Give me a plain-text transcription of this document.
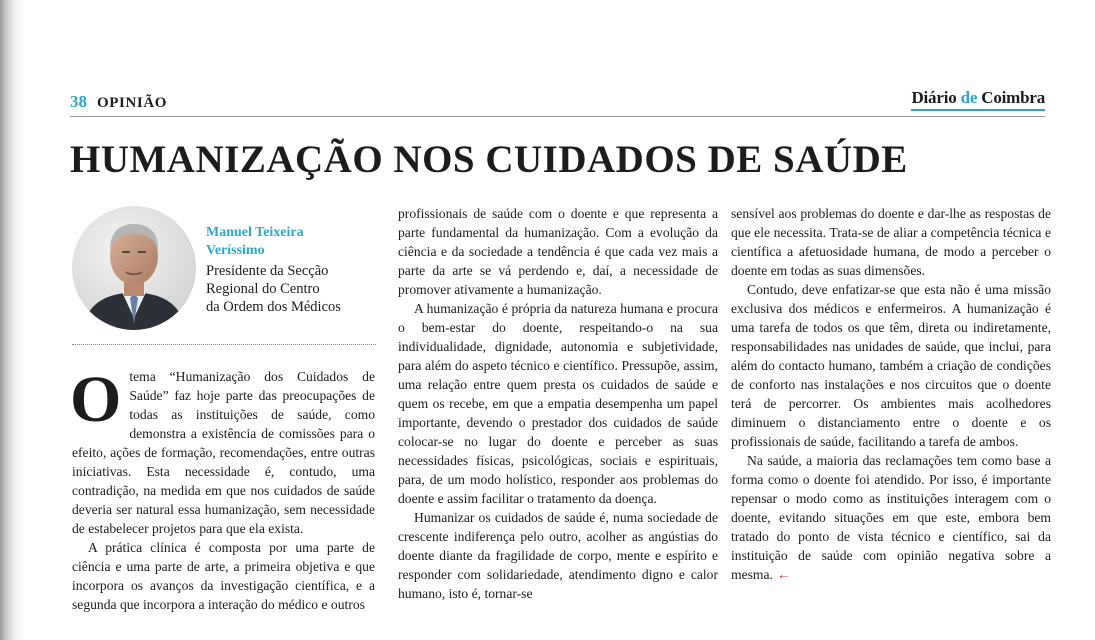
38 OPINIÃO	Diário de Coimbra
HUMANIZAÇÃO NOS CUIDADOS DE SAÚDE
Manuel Teixeira
Veríssimo
Presidente da Secção
Regional do Centro
da Ordem dos Médicos

Otema “Humanização dos Cuidados de Saúde” faz hoje parte das preocupações de todas as instituições de saúde, como demonstra a existência de comissões para o efeito, ações de formação, recomendações, entre outras iniciativas. Esta necessidade é, contudo, uma contradição, na medida em que nos cuidados de saúde deveria ser natural essa humanização, sem necessidade de estabelecer projetos para que ela exista.

A prática clínica é composta por uma parte de ciência e uma parte de arte, a primeira objetiva e que incorpora os avanços da investigação científica, e a segunda que incorpora a interação do médico e outros

profissionais de saúde com o doente e que representa a parte fundamental da humanização. Com a evolução da ciência e da sociedade a tendência é que cada vez mais a parte da arte se vá perdendo e, daí, a necessidade de promover ativamente a humanização.

A humanização é própria da natureza humana e procura o bem-estar do doente, respeitando-o na sua individualidade, dignidade, autonomia e subjetividade, para além do aspeto técnico e científico. Pressupõe, assim, uma relação entre quem presta os cuidados de saúde e quem os recebe, em que a empatia desempenha um papel importante, devendo o prestador dos cuidados de saúde colocar-se no lugar do doente e perceber as suas necessidades físicas, psicológicas, sociais e espirituais, para, de um modo holístico, responder aos problemas do doente e assim facilitar o tratamento da doença.

Humanizar os cuidados de saúde é, numa sociedade de crescente indiferença pelo outro, acolher as angústias do doente diante da fragilidade de corpo, mente e espírito e responder com solidariedade, atendimento digno e calor humano, isto é, tornar-se

sensível aos problemas do doente e dar-lhe as respostas de que ele necessita. Trata-se de aliar a competência técnica e científica a afetuosidade humana, de modo a perceber o doente em todas as suas dimensões.

Contudo, deve enfatizar-se que esta não é uma missão exclusiva dos médicos e enfermeiros. A humanização é uma tarefa de todos os que têm, direta ou indiretamente, responsabilidades nas unidades de saúde, que inclui, para além do contacto humano, também a criação de condições de conforto nas instalações e nos circuitos que o doente terá de percorrer. Os ambientes mais acolhedores diminuem o distanciamento entre o doente e os profissionais de saúde, facilitando a tarefa de ambos.

Na saúde, a maioria das reclamações tem como base a forma como o doente foi atendido. Por isso, é importante repensar o modo como as instituições interagem com o doente, evitando situações em que este, embora bem tratado do ponto de vista técnico e científico, sai da instituição de saúde com opinião negativa sobre a mesma. ←
